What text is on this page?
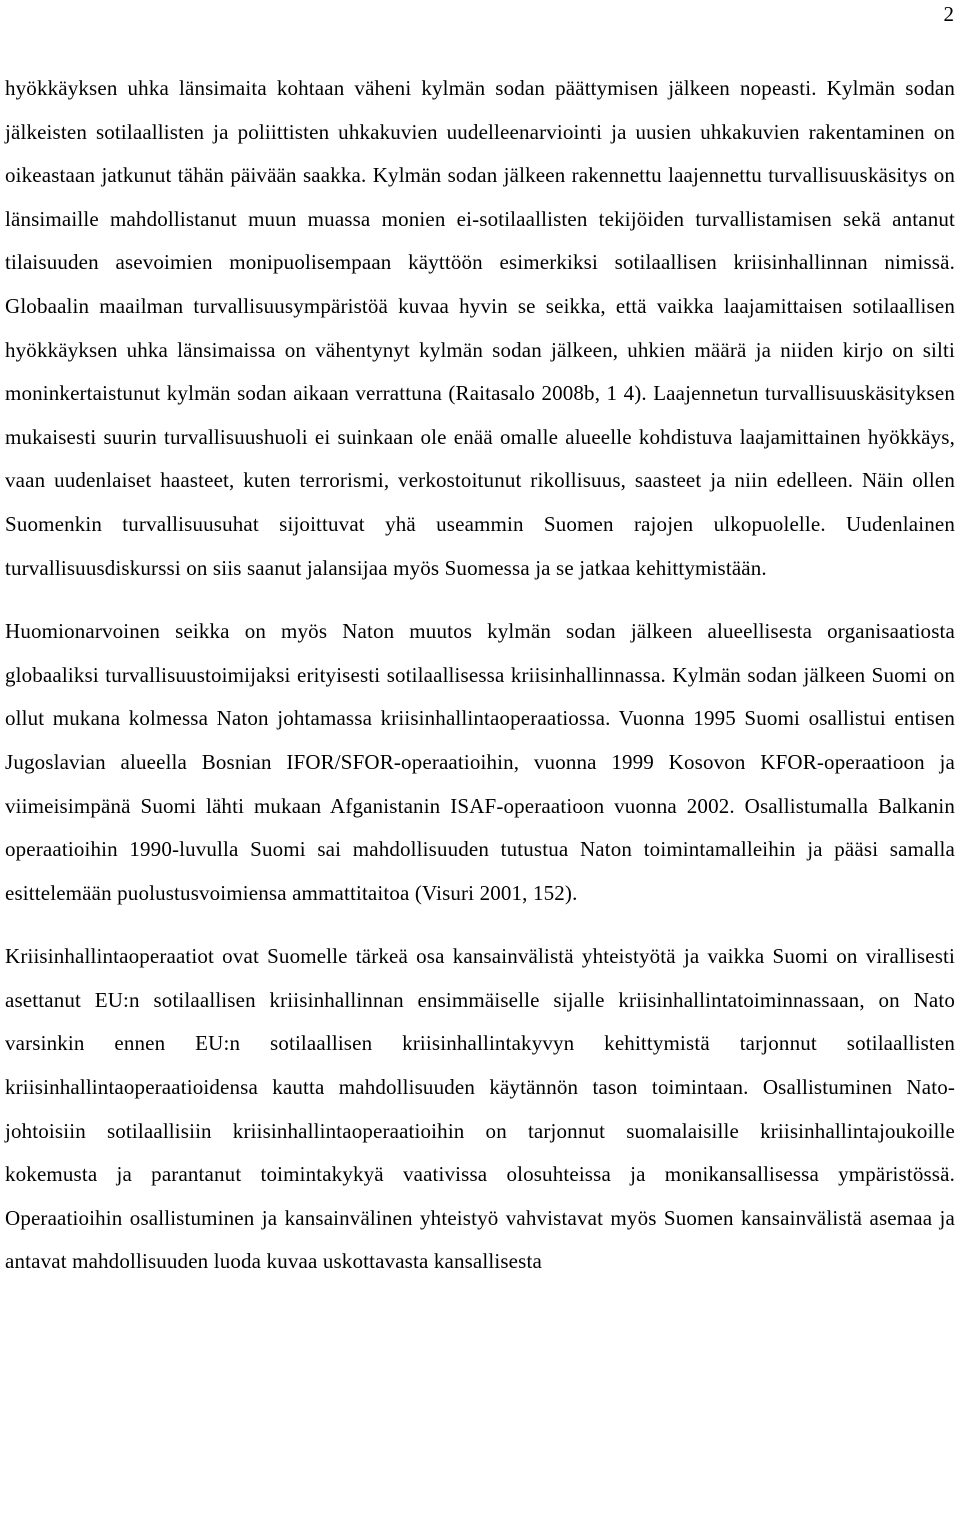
2

hyökkäyksen uhka länsimaita kohtaan väheni kylmän sodan päättymisen jälkeen nopeasti. Kylmän sodan jälkeisten sotilaallisten ja poliittisten uhkakuvien uudelleenarviointi ja uusien uhkakuvien rakentaminen on oikeastaan jatkunut tähän päivään saakka. Kylmän sodan jälkeen rakennettu laajennettu turvallisuuskäsitys on länsimaille mahdollistanut muun muassa monien ei-sotilaallisten tekijöiden turvallistamisen sekä antanut tilaisuuden asevoimien monipuolisempaan käyttöön esimerkiksi sotilaallisen kriisinhallinnan nimissä. Globaalin maailman turvallisuusympäristöä kuvaa hyvin se seikka, että vaikka laajamittaisen sotilaallisen hyökkäyksen uhka länsimaissa on vähentynyt kylmän sodan jälkeen, uhkien määrä ja niiden kirjo on silti moninkertaistunut kylmän sodan aikaan verrattuna (Raitasalo 2008b, 1 4). Laajennetun turvallisuuskäsityksen mukaisesti suurin turvallisuushuoli ei suinkaan ole enää omalle alueelle kohdistuva laajamittainen hyökkäys, vaan uudenlaiset haasteet, kuten terrorismi, verkostoitunut rikollisuus, saasteet ja niin edelleen. Näin ollen Suomenkin turvallisuusuhat sijoittuvat yhä useammin Suomen rajojen ulkopuolelle. Uudenlainen turvallisuusdiskurssi on siis saanut jalansijaa myös Suomessa ja se jatkaa kehittymistään.

Huomionarvoinen seikka on myös Naton muutos kylmän sodan jälkeen alueellisesta organisaatiosta globaaliksi turvallisuustoimijaksi erityisesti sotilaallisessa kriisinhallinnassa. Kylmän sodan jälkeen Suomi on ollut mukana kolmessa Naton johtamassa kriisinhallintaoperaatiossa. Vuonna 1995 Suomi osallistui entisen Jugoslavian alueella Bosnian IFOR/SFOR-operaatioihin, vuonna 1999 Kosovon KFOR-operaatioon ja viimeisimpänä Suomi lähti mukaan Afganistanin ISAF-operaatioon vuonna 2002. Osallistumalla Balkanin operaatioihin 1990-luvulla Suomi sai mahdollisuuden tutustua Naton toimintamalleihin ja pääsi samalla esittelemään puolustusvoimiensa ammattitaitoa (Visuri 2001, 152).

Kriisinhallintaoperaatiot ovat Suomelle tärkeä osa kansainvälistä yhteistyötä ja vaikka Suomi on virallisesti asettanut EU:n sotilaallisen kriisinhallinnan ensimmäiselle sijalle kriisinhallintatoiminnassaan, on Nato varsinkin ennen EU:n sotilaallisen kriisinhallintakyvyn kehittymistä tarjonnut sotilaallisten kriisinhallintaoperaatioidensa kautta mahdollisuuden käytännön tason toimintaan. Osallistuminen Nato-johtoisiin sotilaallisiin kriisinhallintaoperaatioihin on tarjonnut suomalaisille kriisinhallintajoukoille kokemusta ja parantanut toimintakykyä vaativissa olosuhteissa ja monikansallisessa ympäristössä. Operaatioihin osallistuminen ja kansainvälinen yhteistyö vahvistavat myös Suomen kansainvälistä asemaa ja antavat mahdollisuuden luoda kuvaa uskottavasta kansallisesta
